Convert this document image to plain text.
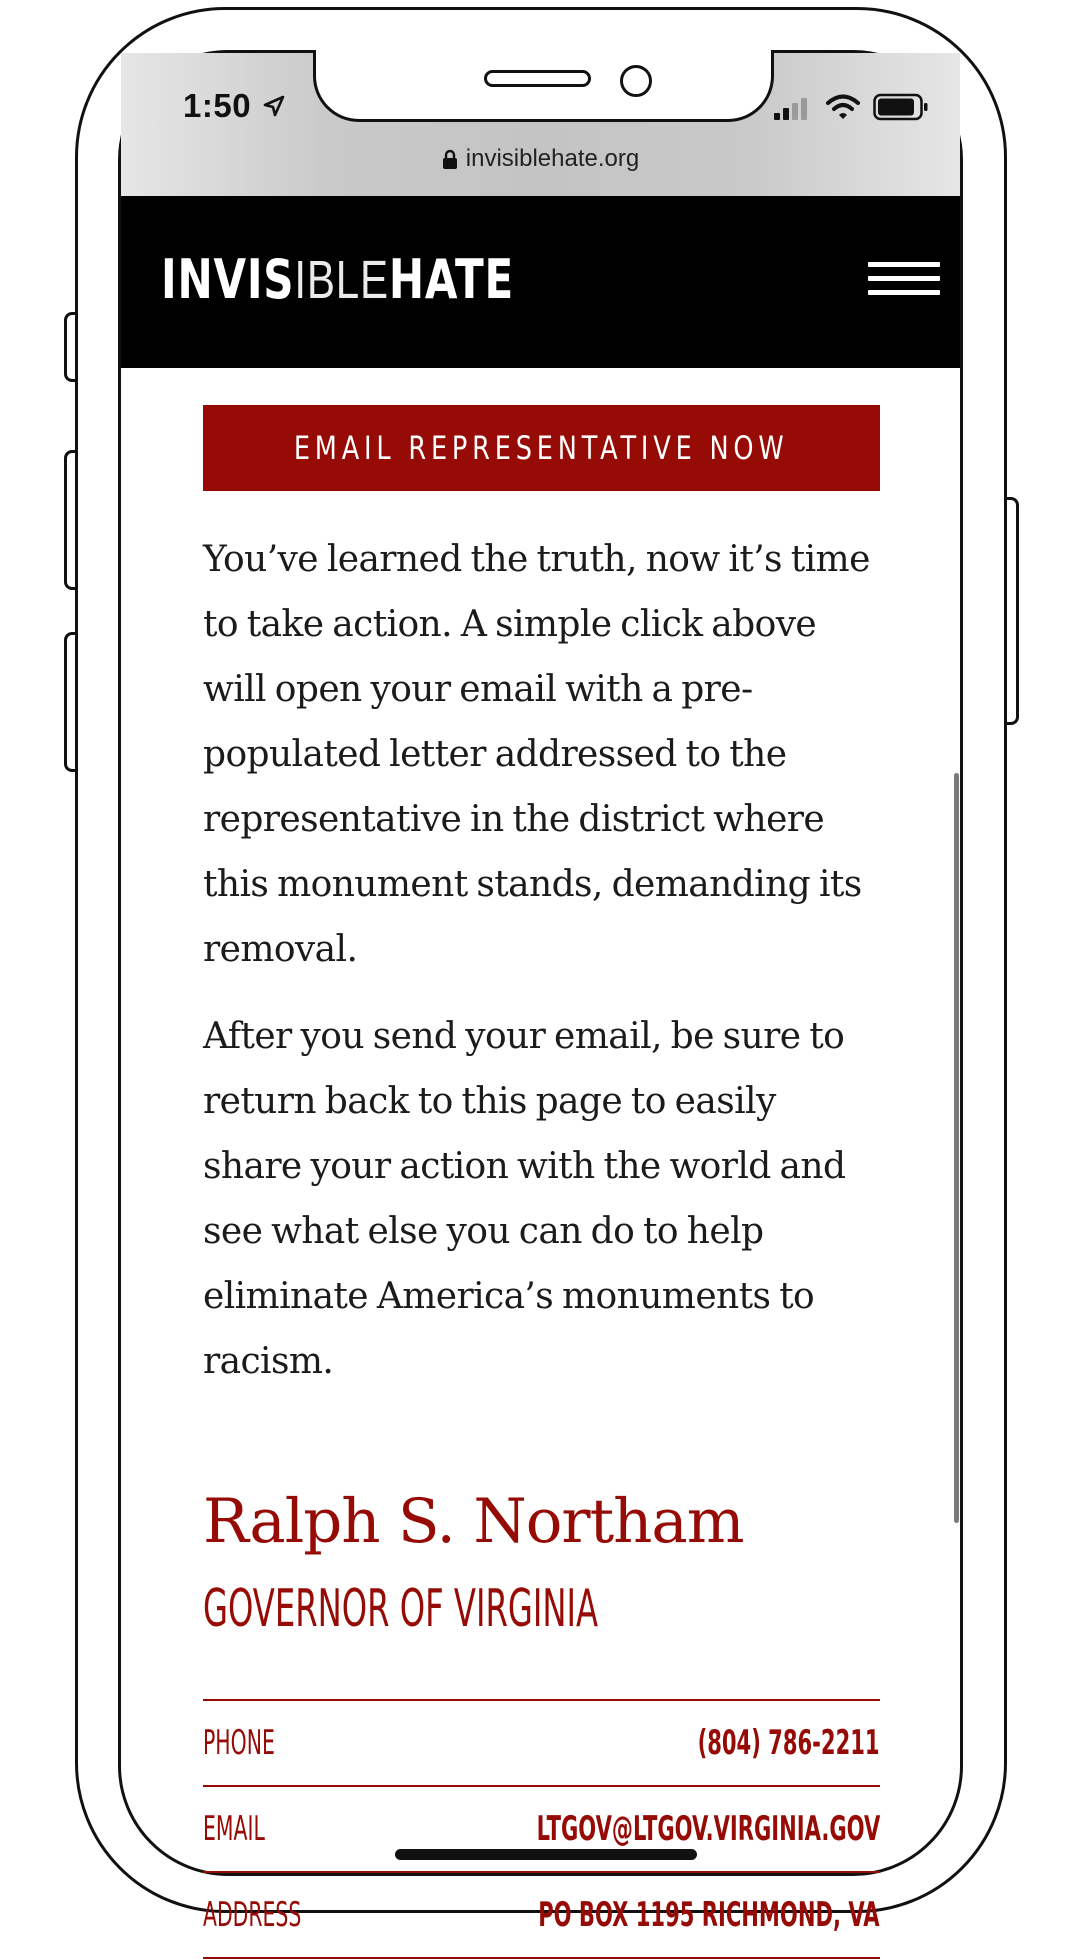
1:50
invisiblehate.org
INVISIBLEHATE
EMAIL REPRESENTATIVE NOW

You’ve learned the truth, now it’s time to take action. A simple click above will open your email with a pre-populated letter addressed to the representative in the district where this monument stands, demanding its removal.

After you send your email, be sure to return back to this page to easily share your action with the world and see what else you can do to help eliminate America’s monuments to racism.

Ralph S. Northam
GOVERNOR OF VIRGINIA
PHONE	(804) 786-2211
EMAIL	LTGOV@LTGOV.VIRGINIA.GOV
ADDRESS	PO BOX 1195 RICHMOND, VA
